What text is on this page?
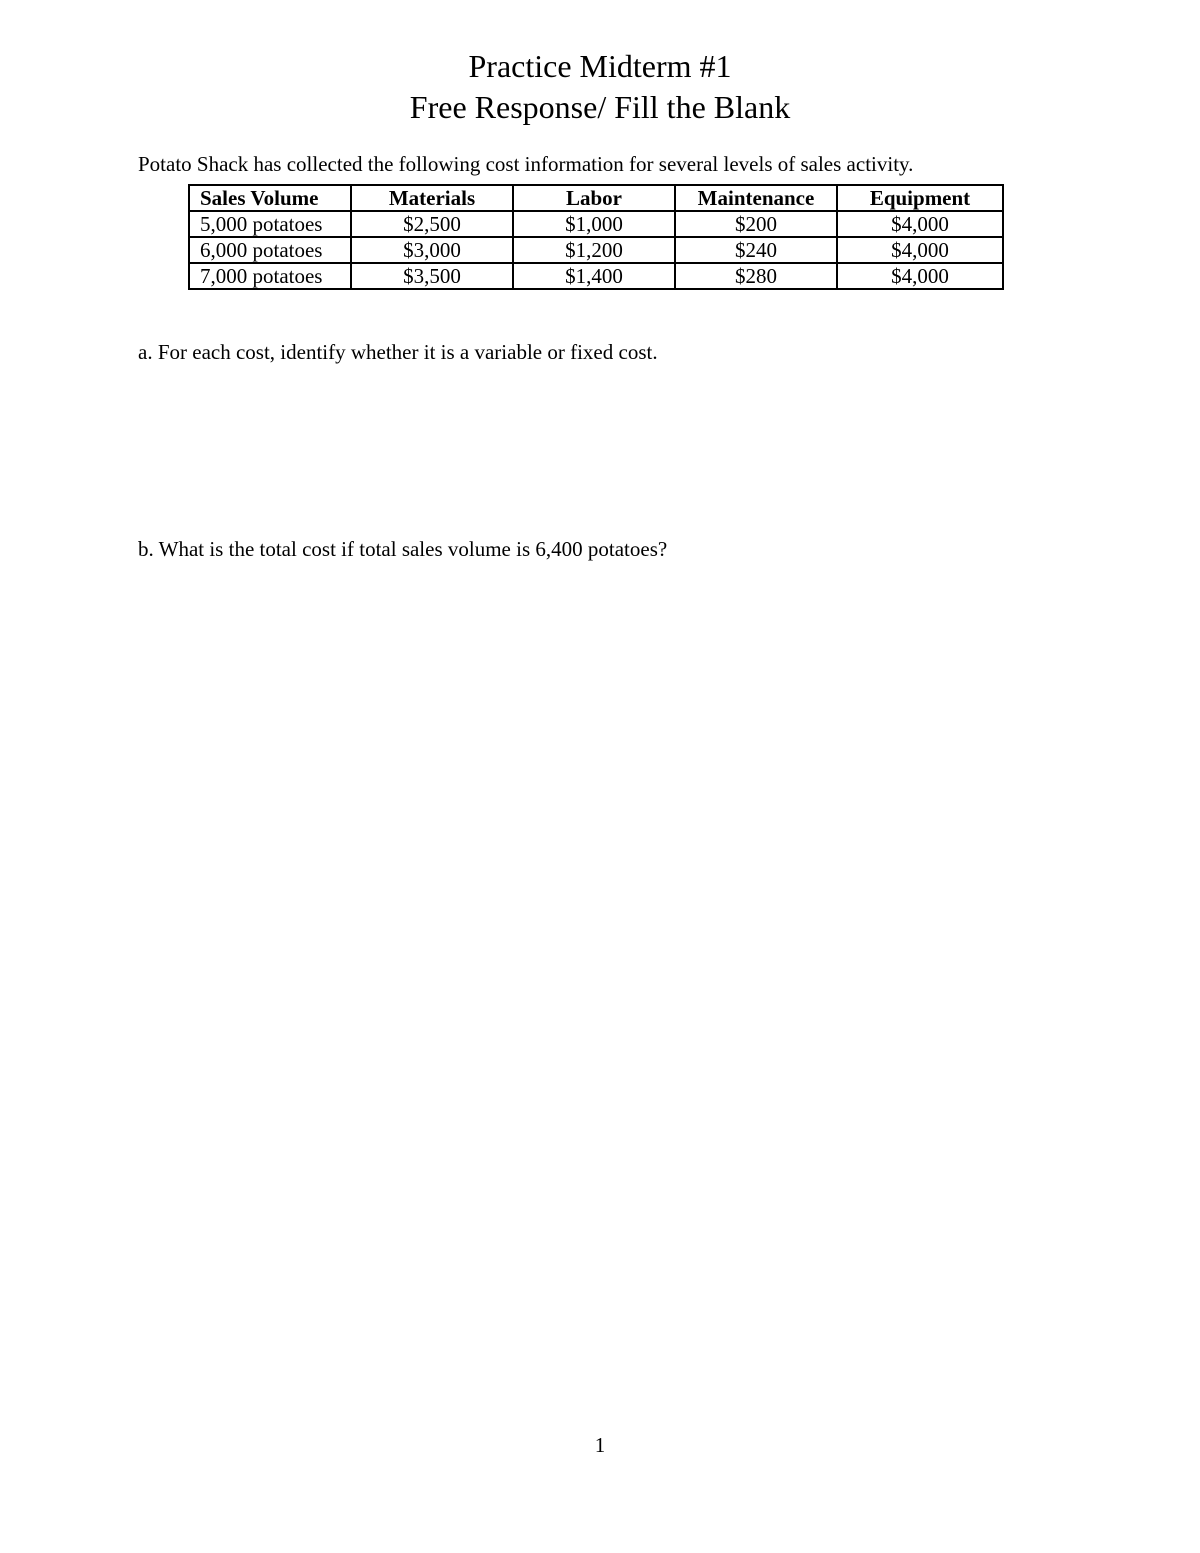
Practice Midterm #1
Free Response/ Fill the Blank
Potato Shack has collected the following cost information for several levels of sales activity.
Sales Volume	Materials	Labor	Maintenance	Equipment
5,000 potatoes	$2,500	$1,000	$200	$4,000
6,000 potatoes	$3,000	$1,200	$240	$4,000
7,000 potatoes	$3,500	$1,400	$280	$4,000
a. For each cost, identify whether it is a variable or fixed cost.
b. What is the total cost if total sales volume is 6,400 potatoes?
1
